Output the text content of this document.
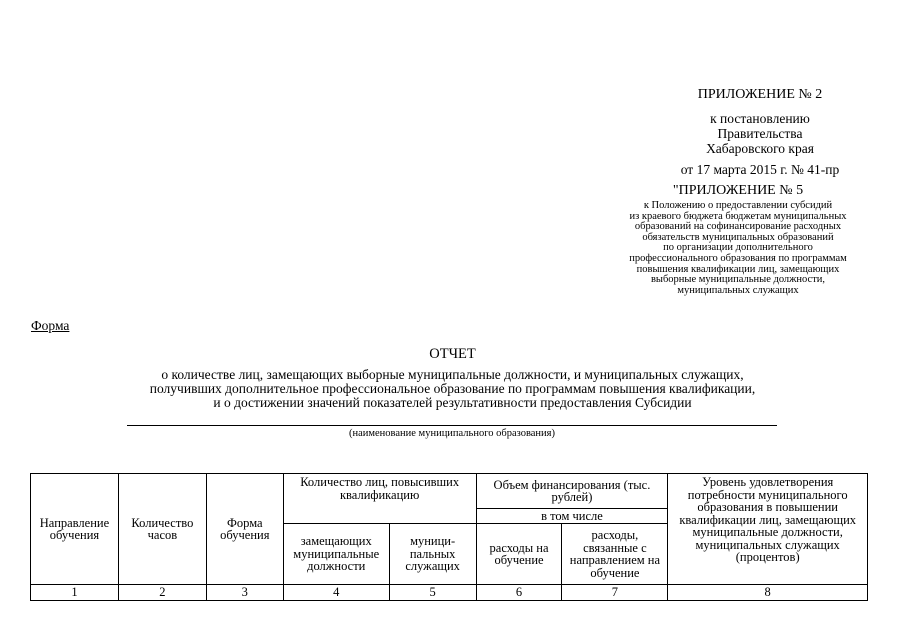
ПРИЛОЖЕНИЕ № 2
к постановлению
Правительства
Хабаровского края
от 17 марта 2015 г. № 41-пр
"ПРИЛОЖЕНИЕ № 5
к Положению о предоставлении субсидий
из краевого бюджета бюджетам муниципальных
образований на софинансирование расходных
обязательств муниципальных образований
по организации дополнительного
профессионального образования по программам
повышения квалификации лиц, замещающих
выборные муниципальные должности,
муниципальных служащих
Форма
ОТЧЕТ
о количестве лиц, замещающих выборные муниципальные должности, и муниципальных служащих,
получивших дополнительное профессиональное образование по программам повышения квалификации,
и о достижении значений показателей результативности предоставления Субсидии
(наименование муниципального образования)
Направление обучения	Количество часов	Форма обучения	Количество лиц, повысивших квалификацию		Объем финансирования (тыс. рублей)		Уровень удовлетворения потребности муниципального образования в повышении квалификации лиц, замещающих муниципальные должности, муниципальных служащих (процентов)
					в том числе		
			замещающих муниципальные должности	муници-пальных служащих	расходы на обучение	расходы, связанные с направлением на обучение	
1	2	3	4	5	6	7	8
